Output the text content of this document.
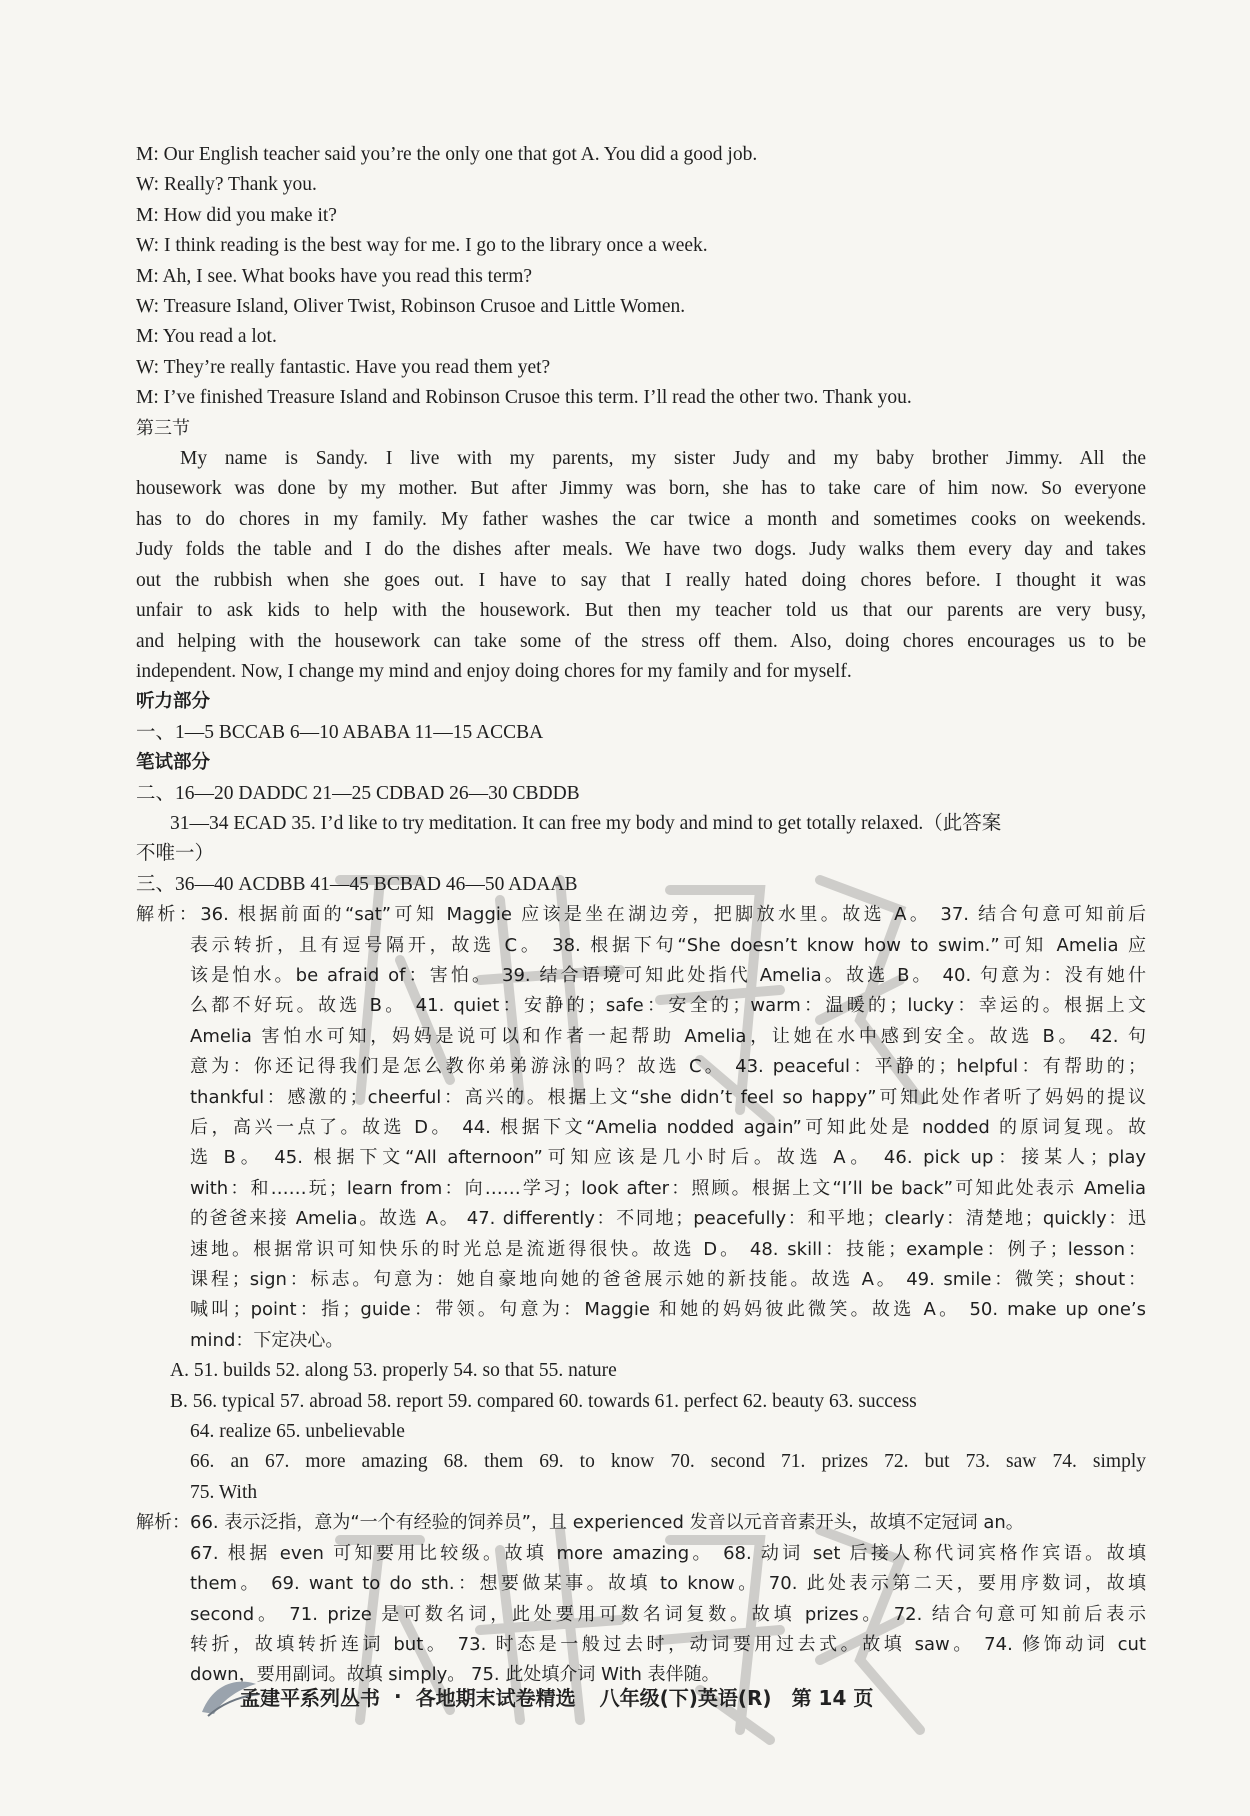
M: Our English teacher said you’re the only one that got A. You did a good job.
W: Really? Thank you.
M: How did you make it?
W: I think reading is the best way for me. I go to the library once a week.
M: Ah, I see. What books have you read this term?
W: Treasure Island, Oliver Twist, Robinson Crusoe and Little Women.
M: You read a lot.
W: They’re really fantastic. Have you read them yet?
M: I’ve finished Treasure Island and Robinson Crusoe this term. I’ll read the other two. Thank you.
第三节
My name is Sandy. I live with my parents, my sister Judy and my baby brother Jimmy. All the
housework was done by my mother. But after Jimmy was born, she has to take care of him now. So everyone
has to do chores in my family. My father washes the car twice a month and sometimes cooks on weekends.
Judy folds the table and I do the dishes after meals. We have two dogs. Judy walks them every day and takes
out the rubbish when she goes out. I have to say that I really hated doing chores before. I thought it was
unfair to ask kids to help with the housework. But then my teacher told us that our parents are very busy,
and helping with the housework can take some of the stress off them. Also, doing chores encourages us to be
independent. Now, I change my mind and enjoy doing chores for my family and for myself.
听力部分
一、1—5 BCCAB 6—10 ABABA 11—15 ACCBA
笔试部分
二、16—20 DADDC 21—25 CDBAD 26—30 CBDDB
31—34 ECAD 35. I’d like to try meditation. It can free my body and mind to get totally relaxed.（此答案
不唯一）
三、36—40 ACDBB 41—45 BCBAD 46—50 ADAAB
解析：36. 根据前面的“sat”可知 Maggie 应该是坐在湖边旁，把脚放水里。故选 A。 37. 结合句意可知前后
表示转折，且有逗号隔开，故选 C。 38. 根据下句“She doesn’t know how to swim.”可知 Amelia 应
该是怕水。be afraid of：害怕。 39. 结合语境可知此处指代 Amelia。故选 B。 40. 句意为：没有她什
么都不好玩。故选 B。 41. quiet：安静的；safe：安全的；warm：温暖的；lucky：幸运的。根据上文
Amelia 害怕水可知，妈妈是说可以和作者一起帮助 Amelia，让她在水中感到安全。故选 B。 42. 句
意为：你还记得我们是怎么教你弟弟游泳的吗？故选 C。 43. peaceful：平静的；helpful：有帮助的；
thankful：感激的；cheerful：高兴的。根据上文“she didn’t feel so happy”可知此处作者听了妈妈的提议
后，高兴一点了。故选 D。 44. 根据下文“Amelia nodded again”可知此处是 nodded 的原词复现。故
选 B。 45. 根据下文“All afternoon”可知应该是几小时后。故选 A。 46. pick up：接某人；play
with：和……玩；learn from：向……学习；look after：照顾。根据上文“I’ll be back”可知此处表示 Amelia
的爸爸来接 Amelia。故选 A。 47. differently：不同地；peacefully：和平地；clearly：清楚地；quickly：迅
速地。根据常识可知快乐的时光总是流逝得很快。故选 D。 48. skill：技能；example：例子；lesson：
课程；sign：标志。句意为：她自豪地向她的爸爸展示她的新技能。故选 A。 49. smile：微笑；shout：
喊叫；point：指；guide：带领。句意为：Maggie 和她的妈妈彼此微笑。故选 A。 50. make up one’s
mind：下定决心。
A. 51. builds 52. along 53. properly 54. so that 55. nature
B. 56. typical 57. abroad 58. report 59. compared 60. towards 61. perfect 62. beauty 63. success
64. realize 65. unbelievable
66. an 67. more amazing 68. them 69. to know 70. second 71. prizes 72. but 73. saw 74. simply
75. With
解析：66. 表示泛指，意为“一个有经验的饲养员”，且 experienced 发音以元音音素开头，故填不定冠词 an。
67. 根据 even 可知要用比较级。故填 more amazing。 68. 动词 set 后接人称代词宾格作宾语。故填
them。 69. want to do sth.：想要做某事。故填 to know。 70. 此处表示第二天，要用序数词，故填
second。 71. prize 是可数名词，此处要用可数名词复数。故填 prizes。 72. 结合句意可知前后表示
转折，故填转折连词 but。 73. 时态是一般过去时，动词要用过去式。故填 saw。 74. 修饰动词 cut
down，要用副词。故填 simply。 75. 此处填介词 With 表伴随。
孟建平系列丛书 · 各地期末试卷精选 八年级(下)英语(R) 第 14 页
